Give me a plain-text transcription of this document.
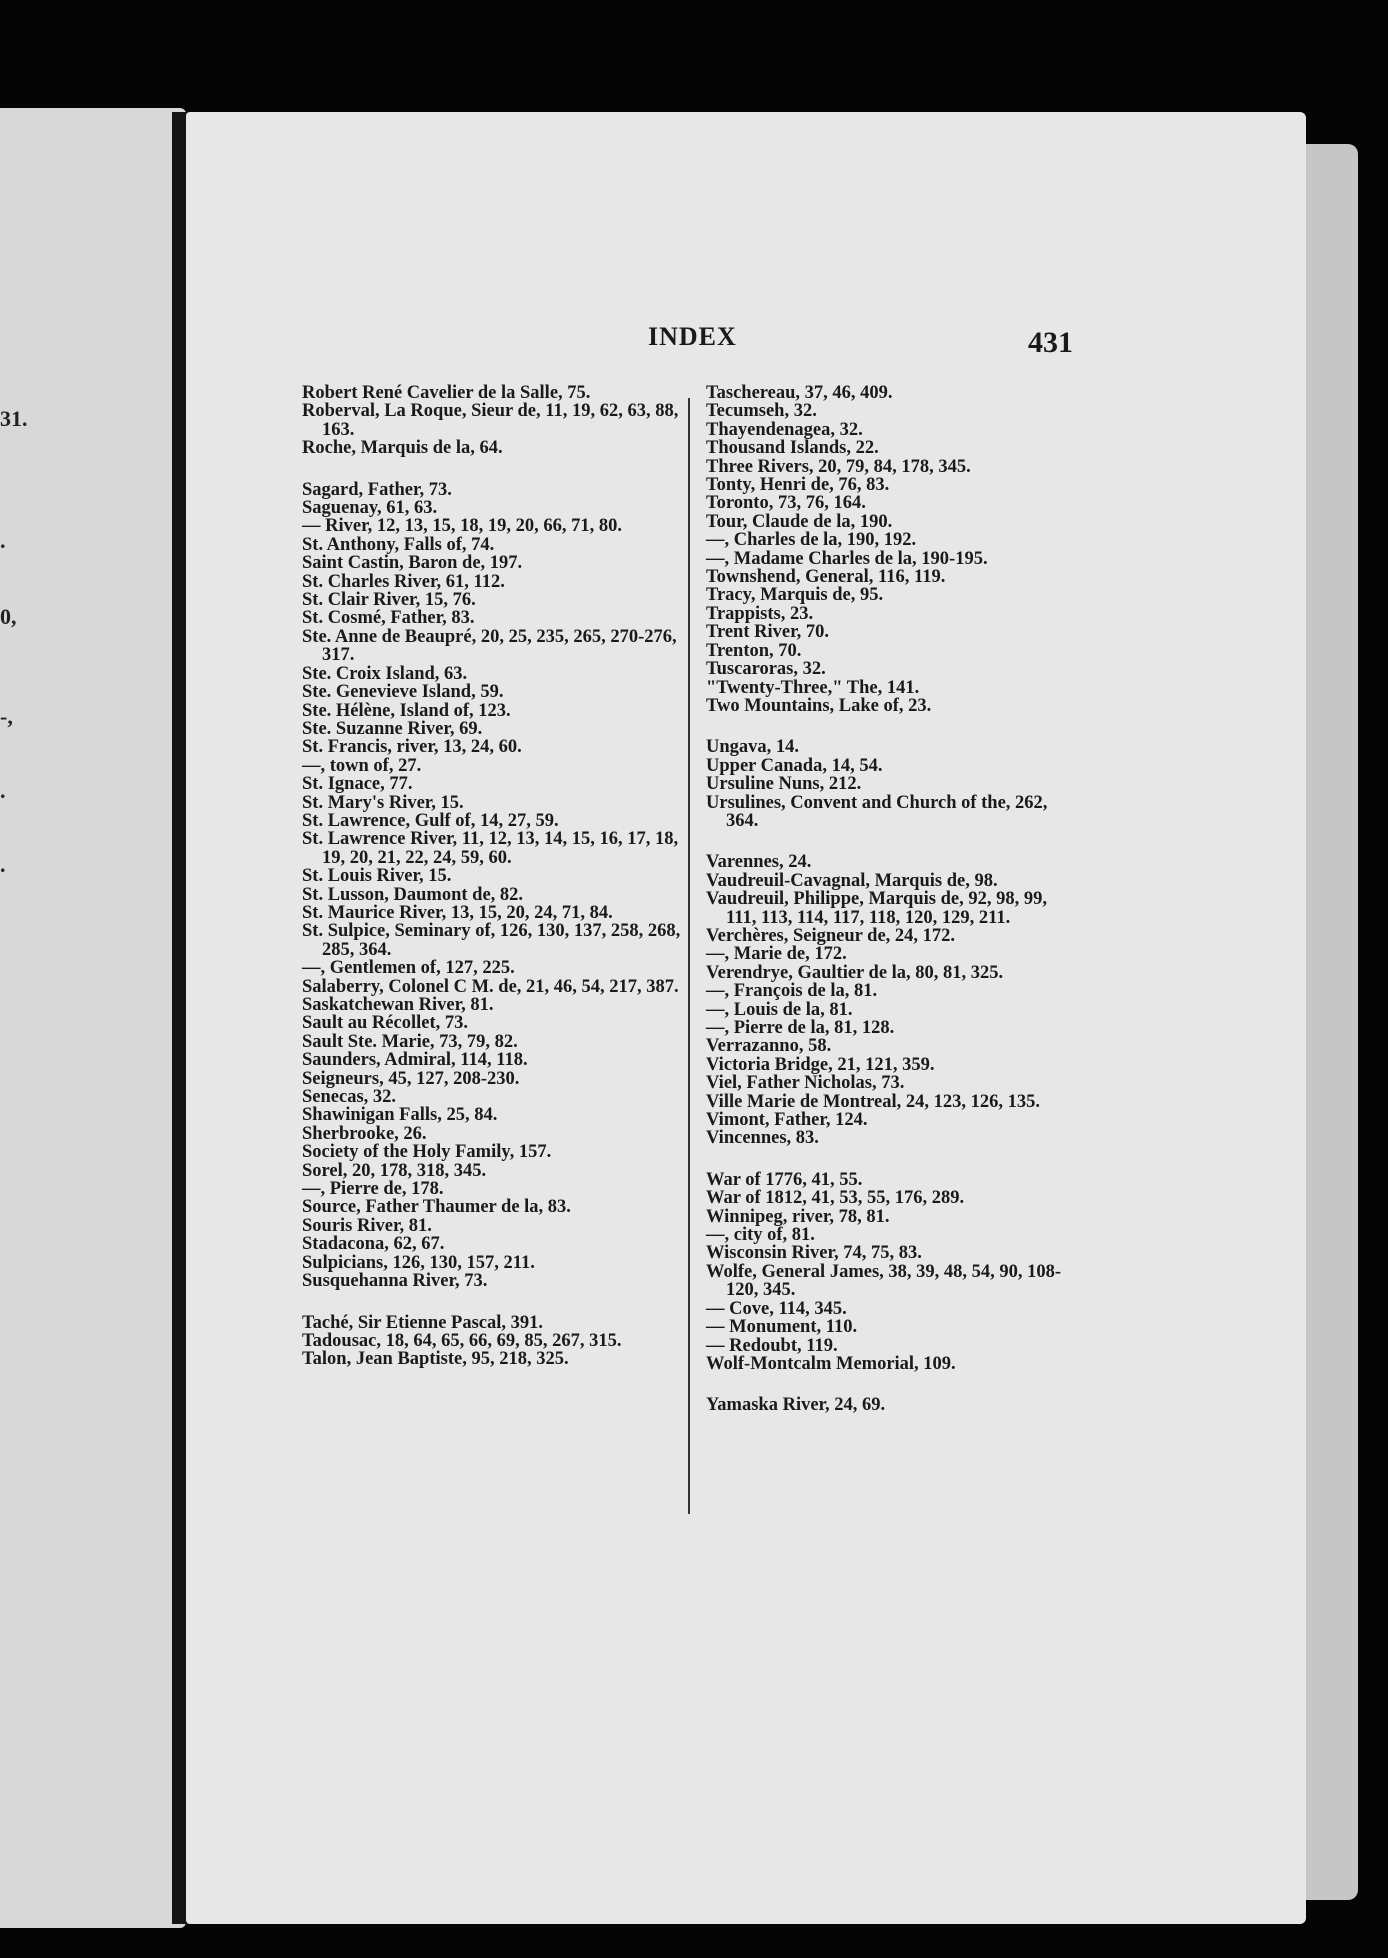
31.
.
0,
-,
.
.
INDEX	431

Robert René Cavelier de la Salle, 75.

Roberval, La Roque, Sieur de, 11, 19, 62, 63, 88, 163.

Roche, Marquis de la, 64.

Sagard, Father, 73.

Saguenay, 61, 63.

— River, 12, 13, 15, 18, 19, 20, 66, 71, 80.

St. Anthony, Falls of, 74.

Saint Castin, Baron de, 197.

St. Charles River, 61, 112.

St. Clair River, 15, 76.

St. Cosmé, Father, 83.

Ste. Anne de Beaupré, 20, 25, 235, 265, 270-276, 317.

Ste. Croix Island, 63.

Ste. Genevieve Island, 59.

Ste. Hélène, Island of, 123.

Ste. Suzanne River, 69.

St. Francis, river, 13, 24, 60.

—, town of, 27.

St. Ignace, 77.

St. Mary's River, 15.

St. Lawrence, Gulf of, 14, 27, 59.

St. Lawrence River, 11, 12, 13, 14, 15, 16, 17, 18, 19, 20, 21, 22, 24, 59, 60.

St. Louis River, 15.

St. Lusson, Daumont de, 82.

St. Maurice River, 13, 15, 20, 24, 71, 84.

St. Sulpice, Seminary of, 126, 130, 137, 258, 268, 285, 364.

—, Gentlemen of, 127, 225.

Salaberry, Colonel C M. de, 21, 46, 54, 217, 387.

Saskatchewan River, 81.

Sault au Récollet, 73.

Sault Ste. Marie, 73, 79, 82.

Saunders, Admiral, 114, 118.

Seigneurs, 45, 127, 208-230.

Senecas, 32.

Shawinigan Falls, 25, 84.

Sherbrooke, 26.

Society of the Holy Family, 157.

Sorel, 20, 178, 318, 345.

—, Pierre de, 178.

Source, Father Thaumer de la, 83.

Souris River, 81.

Stadacona, 62, 67.

Sulpicians, 126, 130, 157, 211.

Susquehanna River, 73.

Taché, Sir Etienne Pascal, 391.

Tadousac, 18, 64, 65, 66, 69, 85, 267, 315.

Talon, Jean Baptiste, 95, 218, 325.

Taschereau, 37, 46, 409.

Tecumseh, 32.

Thayendenagea, 32.

Thousand Islands, 22.

Three Rivers, 20, 79, 84, 178, 345.

Tonty, Henri de, 76, 83.

Toronto, 73, 76, 164.

Tour, Claude de la, 190.

—, Charles de la, 190, 192.

—, Madame Charles de la, 190-195.

Townshend, General, 116, 119.

Tracy, Marquis de, 95.

Trappists, 23.

Trent River, 70.

Trenton, 70.

Tuscaroras, 32.

"Twenty-Three," The, 141.

Two Mountains, Lake of, 23.

Ungava, 14.

Upper Canada, 14, 54.

Ursuline Nuns, 212.

Ursulines, Convent and Church of the, 262, 364.

Varennes, 24.

Vaudreuil-Cavagnal, Marquis de, 98.

Vaudreuil, Philippe, Marquis de, 92, 98, 99, 111, 113, 114, 117, 118, 120, 129, 211.

Verchères, Seigneur de, 24, 172.

—, Marie de, 172.

Verendrye, Gaultier de la, 80, 81, 325.

—, François de la, 81.

—, Louis de la, 81.

—, Pierre de la, 81, 128.

Verrazanno, 58.

Victoria Bridge, 21, 121, 359.

Viel, Father Nicholas, 73.

Ville Marie de Montreal, 24, 123, 126, 135.

Vimont, Father, 124.

Vincennes, 83.

War of 1776, 41, 55.

War of 1812, 41, 53, 55, 176, 289.

Winnipeg, river, 78, 81.

—, city of, 81.

Wisconsin River, 74, 75, 83.

Wolfe, General James, 38, 39, 48, 54, 90, 108-120, 345.

— Cove, 114, 345.

— Monument, 110.

— Redoubt, 119.

Wolf-Montcalm Memorial, 109.

Yamaska River, 24, 69.
